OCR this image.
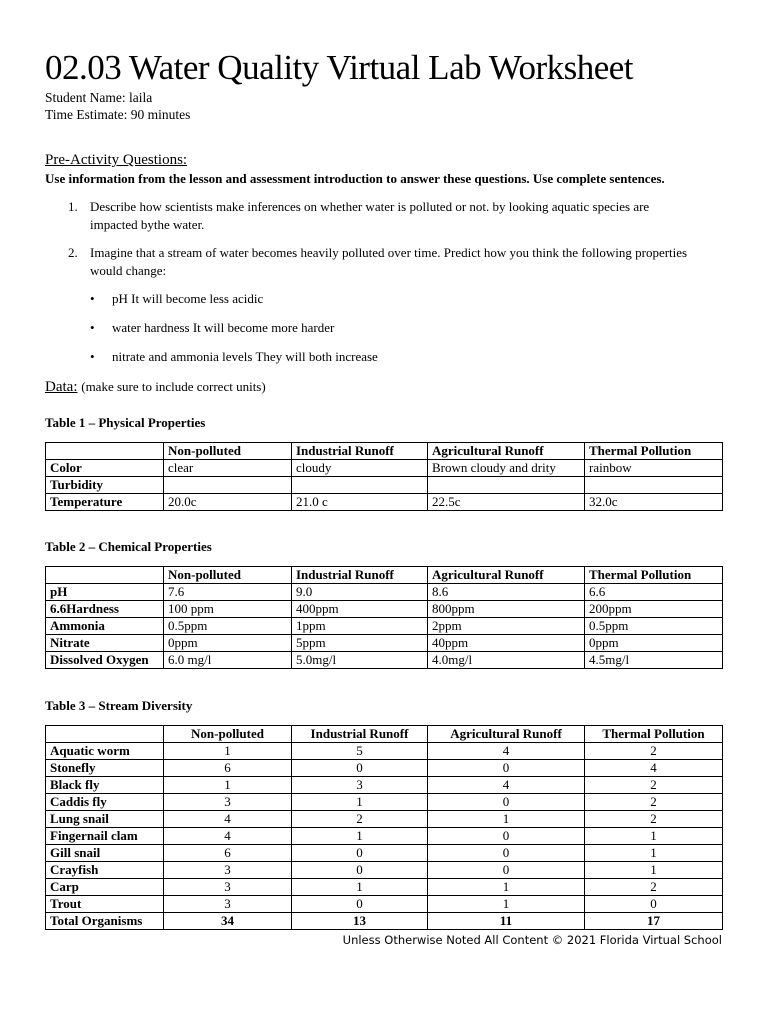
02.03 Water Quality Virtual Lab Worksheet
Student Name: laila
Time Estimate: 90 minutes
Pre-Activity Questions:
Use information from the lesson and assessment introduction to answer these questions. Use complete sentences.
1. Describe how scientists make inferences on whether water is polluted or not. by looking aquatic species are impacted bythe water.
2. Imagine that a stream of water becomes heavily polluted over time. Predict how you think the following properties would change:
• pH It will become less acidic
• water hardness It will become more harder
• nitrate and ammonia levels They will both increase
Data: (make sure to include correct units)
Table 1 – Physical Properties
	Non-polluted	Industrial Runoff	Agricultural Runoff	Thermal Pollution
Color	clear	cloudy	Brown cloudy and drity	rainbow
Turbidity				
Temperature	20.0c	21.0 c	22.5c	32.0c
Table 2 – Chemical Properties
	Non-polluted	Industrial Runoff	Agricultural Runoff	Thermal Pollution
pH	7.6	9.0	8.6	6.6
6.6Hardness	100 ppm	400ppm	800ppm	200ppm
Ammonia	0.5ppm	1ppm	2ppm	0.5ppm
Nitrate	0ppm	5ppm	40ppm	0ppm
Dissolved Oxygen	6.0 mg/l	5.0mg/l	4.0mg/l	4.5mg/l
Table 3 – Stream Diversity
	Non-polluted	Industrial Runoff	Agricultural Runoff	Thermal Pollution
Aquatic worm	1	5	4	2
Stonefly	6	0	0	4
Black fly	1	3	4	2
Caddis fly	3	1	0	2
Lung snail	4	2	1	2
Fingernail clam	4	1	0	1
Gill snail	6	0	0	1
Crayfish	3	0	0	1
Carp	3	1	1	2
Trout	3	0	1	0
Total Organisms	34	13	11	17
Unless Otherwise Noted All Content © 2021 Florida Virtual School
